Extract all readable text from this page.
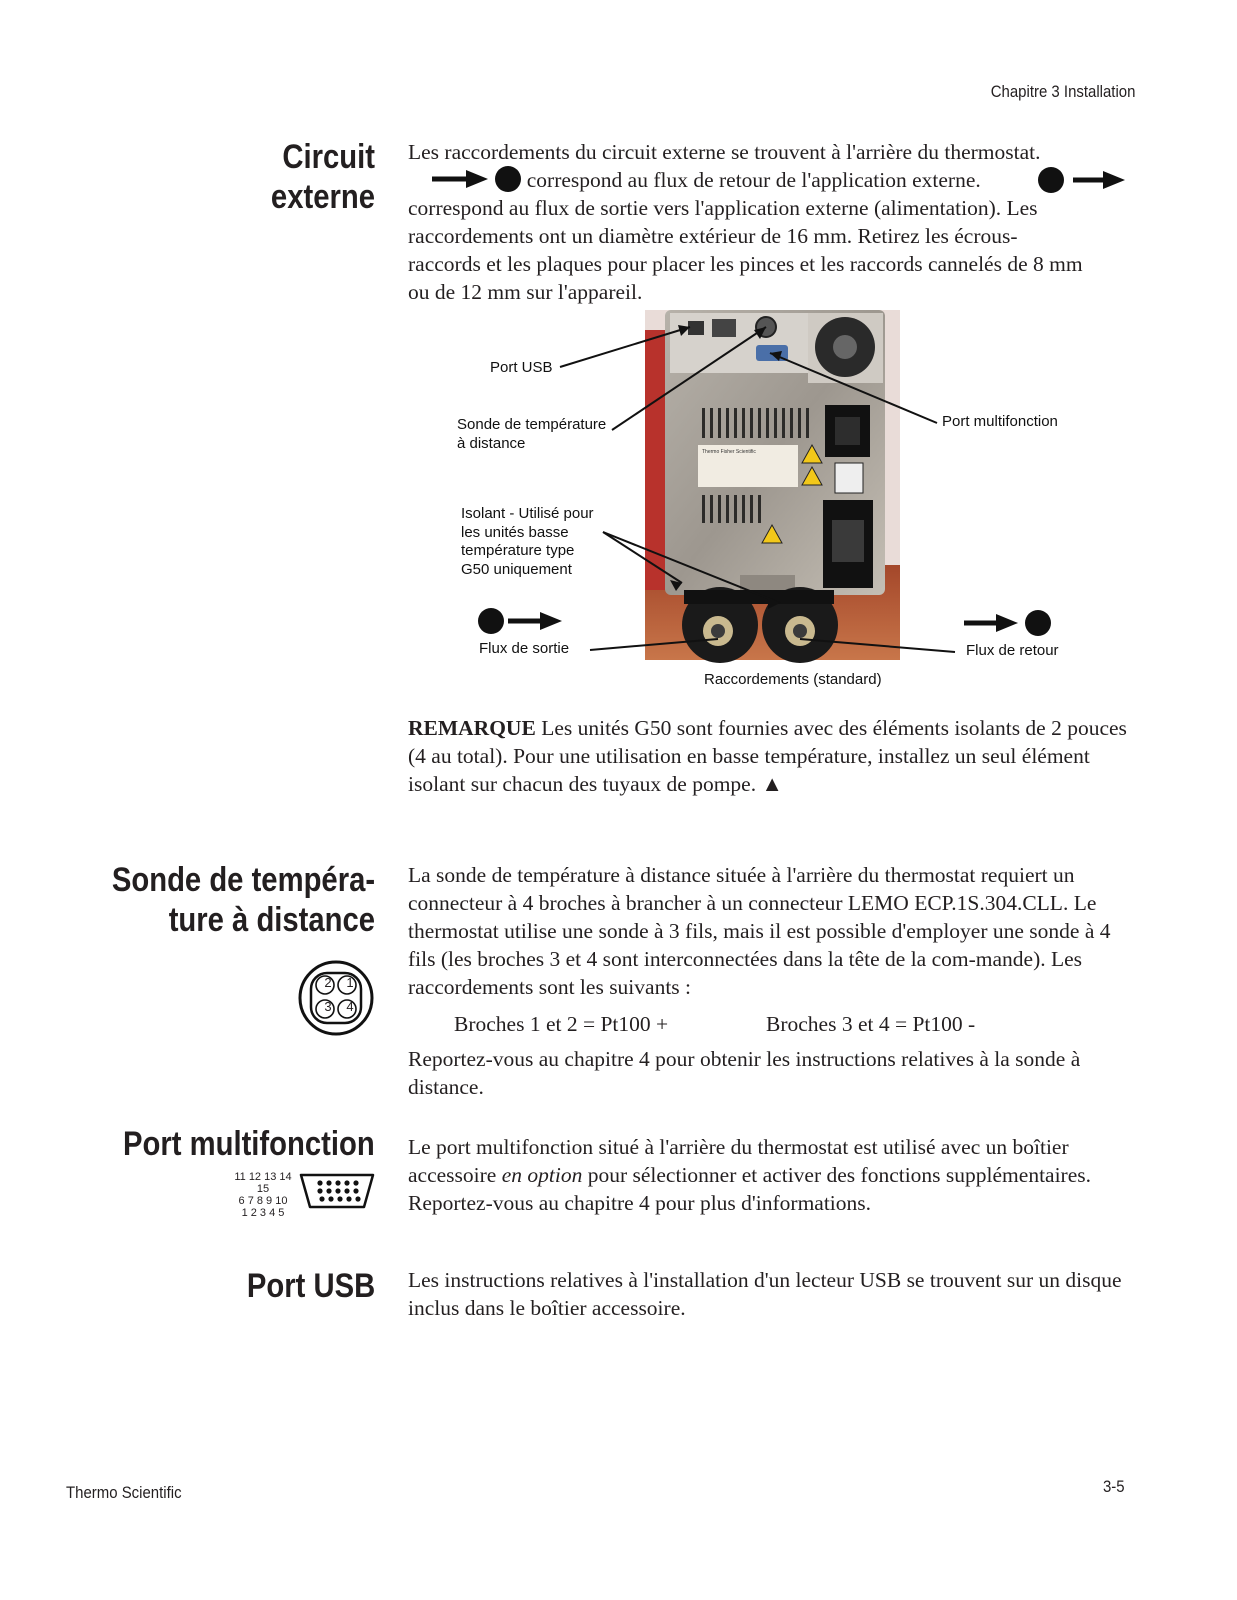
Chapitre 3 Installation
Circuit
externe

Les raccordements du circuit externe se trouvent à l'arrière du thermostat.

correspond au flux de retour de l'application externe.

correspond au flux de sortie vers l'application externe (alimentation). Les raccordements ont un diamètre extérieur de 16 mm. Retirez les écrous-raccords et les plaques pour placer les pinces et les raccords cannelés de 8 mm ou de 12 mm sur l'appareil.

Port USB
Sonde de température
à distance
Port multifonction
Isolant - Utilisé pour
les unités basse
température type
G50 uniquement
Flux de sortie	Flux de retour
Raccordements (standard)
Thermo Fisher Scientific

REMARQUE Les unités G50 sont fournies avec des éléments isolants de 2 pouces (4 au total). Pour une utilisation en basse température, installez un seul élément isolant sur chacun des tuyaux de pompe. ▲

Sonde de tempéra-
ture à distance
2	1
3	4

La sonde de température à distance située à l'arrière du thermostat requiert un connecteur à 4 broches à brancher à un connecteur LEMO ECP.1S.304.CLL. Le thermostat utilise une sonde à 3 fils, mais il est possible d'employer une sonde à 4 fils (les broches 3 et 4 sont interconnectées dans la tête de la com-mande). Les raccordements sont les suivants :

Broches 1 et 2 = Pt100 +	Broches 3 et 4 = Pt100 -

Reportez-vous au chapitre 4 pour obtenir les instructions relatives à la sonde à distance.

Port multifonction
11 12 13 14 15
6 7 8 9 10
1 2 3 4 5

Le port multifonction situé à l'arrière du thermostat est utilisé avec un boîtier accessoire en option pour sélectionner et activer des fonctions supplémentaires. Reportez-vous au chapitre 4 pour plus d'informations.

Port USB Les instructions relatives à l'installation d'un lecteur USB se trouvent sur un disque inclus dans le boîtier accessoire.

Thermo Scientific	3-5
